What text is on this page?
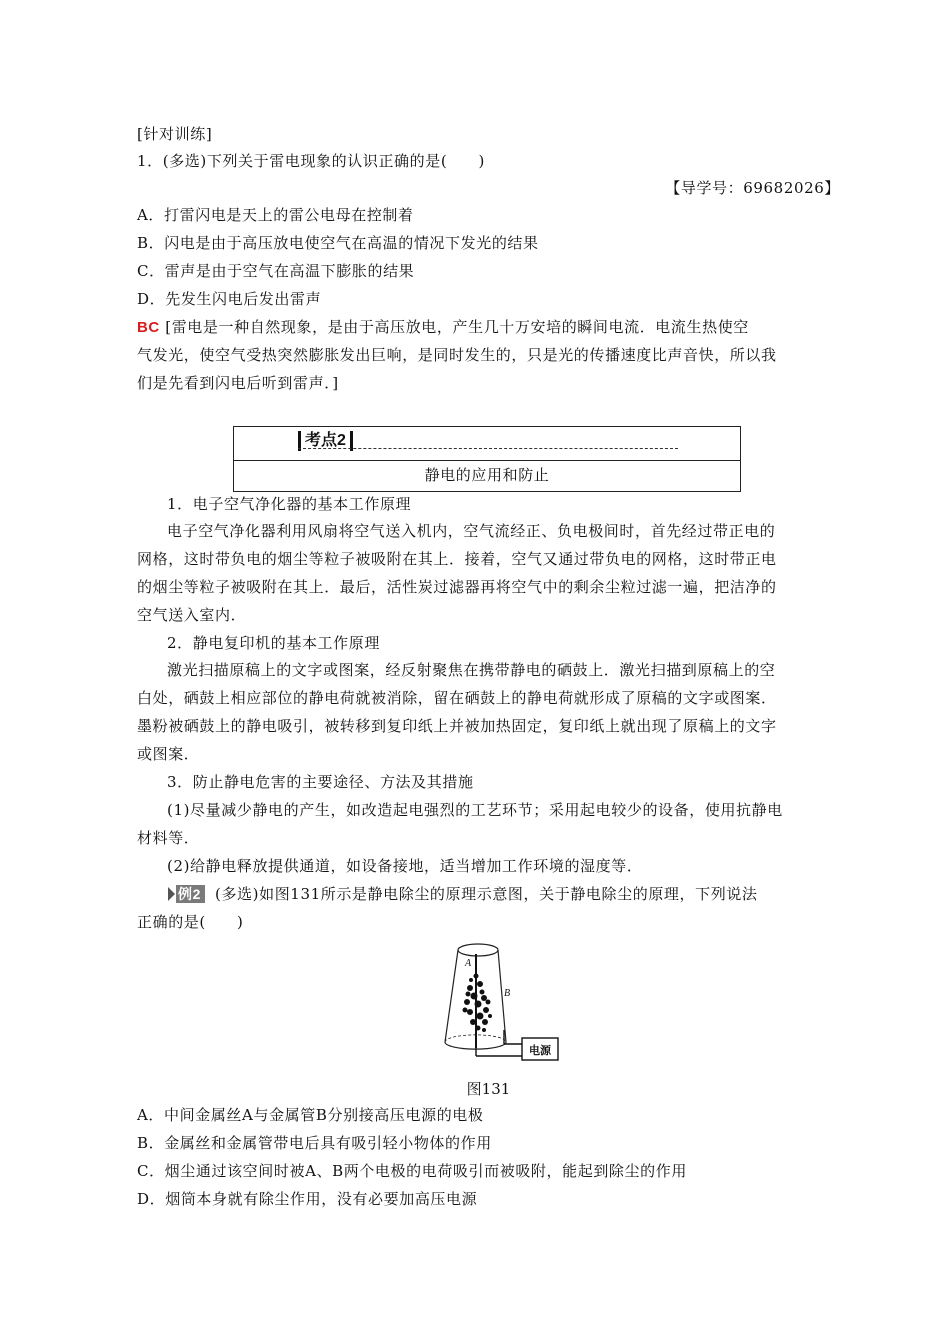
[针对训练]
1．(多选)下列关于雷电现象的认识正确的是(　　)
【导学号：69682026】
A．打雷闪电是天上的雷公电母在控制着
B．闪电是由于高压放电使空气在高温的情况下发光的结果
C．雷声是由于空气在高温下膨胀的结果
D．先发生闪电后发出雷声
BC [雷电是一种自然现象，是由于高压放电，产生几十万安培的瞬间电流．电流生热使空
气发光，使空气受热突然膨胀发出巨响，是同时发生的，只是光的传播速度比声音快，所以我
们是先看到闪电后听到雷声．]
考点2
静电的应用和防止
1．电子空气净化器的基本工作原理
电子空气净化器利用风扇将空气送入机内，空气流经正、负电极间时，首先经过带正电的
网格，这时带负电的烟尘等粒子被吸附在其上．接着，空气又通过带负电的网格，这时带正电
的烟尘等粒子被吸附在其上．最后，活性炭过滤器再将空气中的剩余尘粒过滤一遍，把洁净的
空气送入室内．
2．静电复印机的基本工作原理
激光扫描原稿上的文字或图案，经反射聚焦在携带静电的硒鼓上．激光扫描到原稿上的空
白处，硒鼓上相应部位的静电荷就被消除，留在硒鼓上的静电荷就形成了原稿的文字或图案．
墨粉被硒鼓上的静电吸引，被转移到复印纸上并被加热固定，复印纸上就出现了原稿上的文字
或图案．
3．防止静电危害的主要途径、方法及其措施
(1)尽量减少静电的产生，如改造起电强烈的工艺环节；采用起电较少的设备，使用抗静电
材料等．
(2)给静电释放提供通道，如设备接地，适当增加工作环境的湿度等．
例2 (多选)如图131所示是静电除尘的原理示意图，关于静电除尘的原理，下列说法
正确的是(　　)
电源
A
B
图131
A．中间金属丝A与金属管B分别接高压电源的电极
B．金属丝和金属管带电后具有吸引轻小物体的作用
C．烟尘通过该空间时被A、B两个电极的电荷吸引而被吸附，能起到除尘的作用
D．烟筒本身就有除尘作用，没有必要加高压电源
